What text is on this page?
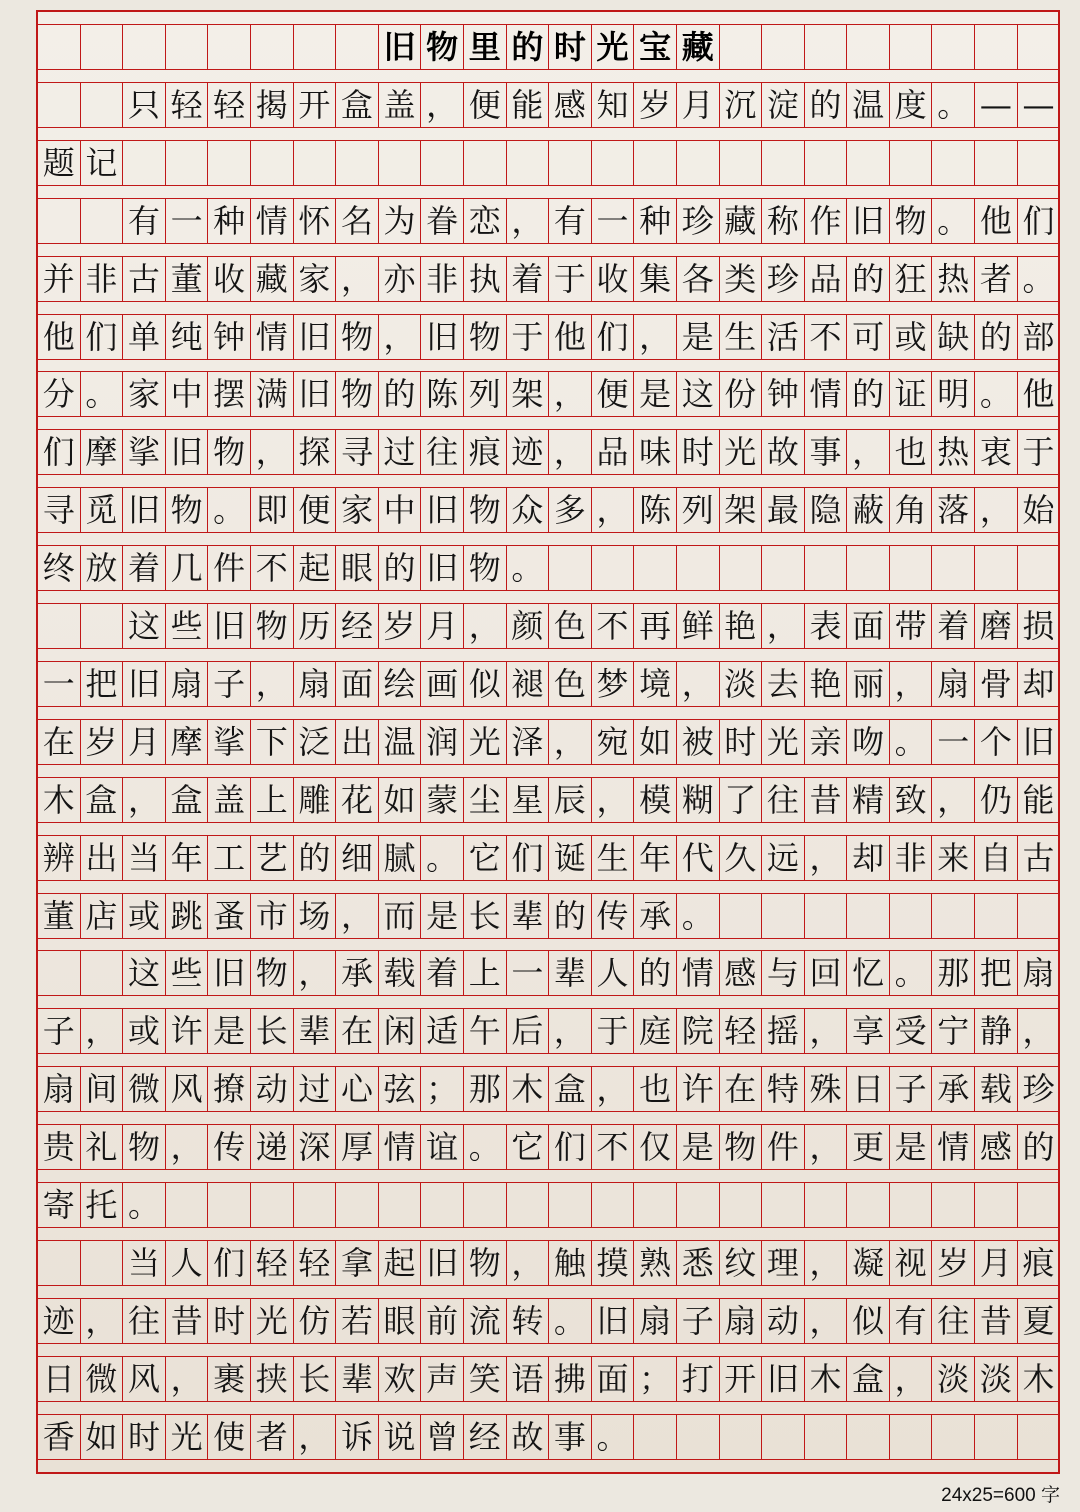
旧 物 里 的 时 光 宝 藏
只 轻 轻 揭 开 盒 盖 ， 便 能 感 知 岁 月 沉 淀 的 温 度 。 — —
题 记
有 一 种 情 怀 名 为 眷 恋 ， 有 一 种 珍 藏 称 作 旧 物 。 他 们
并 非 古 董 收 藏 家 ， 亦 非 执 着 于 收 集 各 类 珍 品 的 狂 热 者 。
他 们 单 纯 钟 情 旧 物 ， 旧 物 于 他 们 ， 是 生 活 不 可 或 缺 的 部
分 。 家 中 摆 满 旧 物 的 陈 列 架 ， 便 是 这 份 钟 情 的 证 明 。 他
们 摩 挲 旧 物 ， 探 寻 过 往 痕 迹 ， 品 味 时 光 故 事 ， 也 热 衷 于
寻 觅 旧 物 。 即 便 家 中 旧 物 众 多 ， 陈 列 架 最 隐 蔽 角 落 ， 始
终 放 着 几 件 不 起 眼 的 旧 物 。
这 些 旧 物 历 经 岁 月 ， 颜 色 不 再 鲜 艳 ， 表 面 带 着 磨 损
一 把 旧 扇 子 ， 扇 面 绘 画 似 褪 色 梦 境 ， 淡 去 艳 丽 ， 扇 骨 却
在 岁 月 摩 挲 下 泛 出 温 润 光 泽 ， 宛 如 被 时 光 亲 吻 。 一 个 旧
木 盒 ， 盒 盖 上 雕 花 如 蒙 尘 星 辰 ， 模 糊 了 往 昔 精 致 ， 仍 能
辨 出 当 年 工 艺 的 细 腻 。 它 们 诞 生 年 代 久 远 ， 却 非 来 自 古
董 店 或 跳 蚤 市 场 ， 而 是 长 辈 的 传 承 。
这 些 旧 物 ， 承 载 着 上 一 辈 人 的 情 感 与 回 忆 。 那 把 扇
子 ， 或 许 是 长 辈 在 闲 适 午 后 ， 于 庭 院 轻 摇 ， 享 受 宁 静 ，
扇 间 微 风 撩 动 过 心 弦 ； 那 木 盒 ， 也 许 在 特 殊 日 子 承 载 珍
贵 礼 物 ， 传 递 深 厚 情 谊 。 它 们 不 仅 是 物 件 ， 更 是 情 感 的
寄 托 。
当 人 们 轻 轻 拿 起 旧 物 ， 触 摸 熟 悉 纹 理 ， 凝 视 岁 月 痕
迹 ， 往 昔 时 光 仿 若 眼 前 流 转 。 旧 扇 子 扇 动 ， 似 有 往 昔 夏
日 微 风 ， 裹 挟 长 辈 欢 声 笑 语 拂 面 ； 打 开 旧 木 盒 ， 淡 淡 木
香 如 时 光 使 者 ， 诉 说 曾 经 故 事 。
24x25=600 字
